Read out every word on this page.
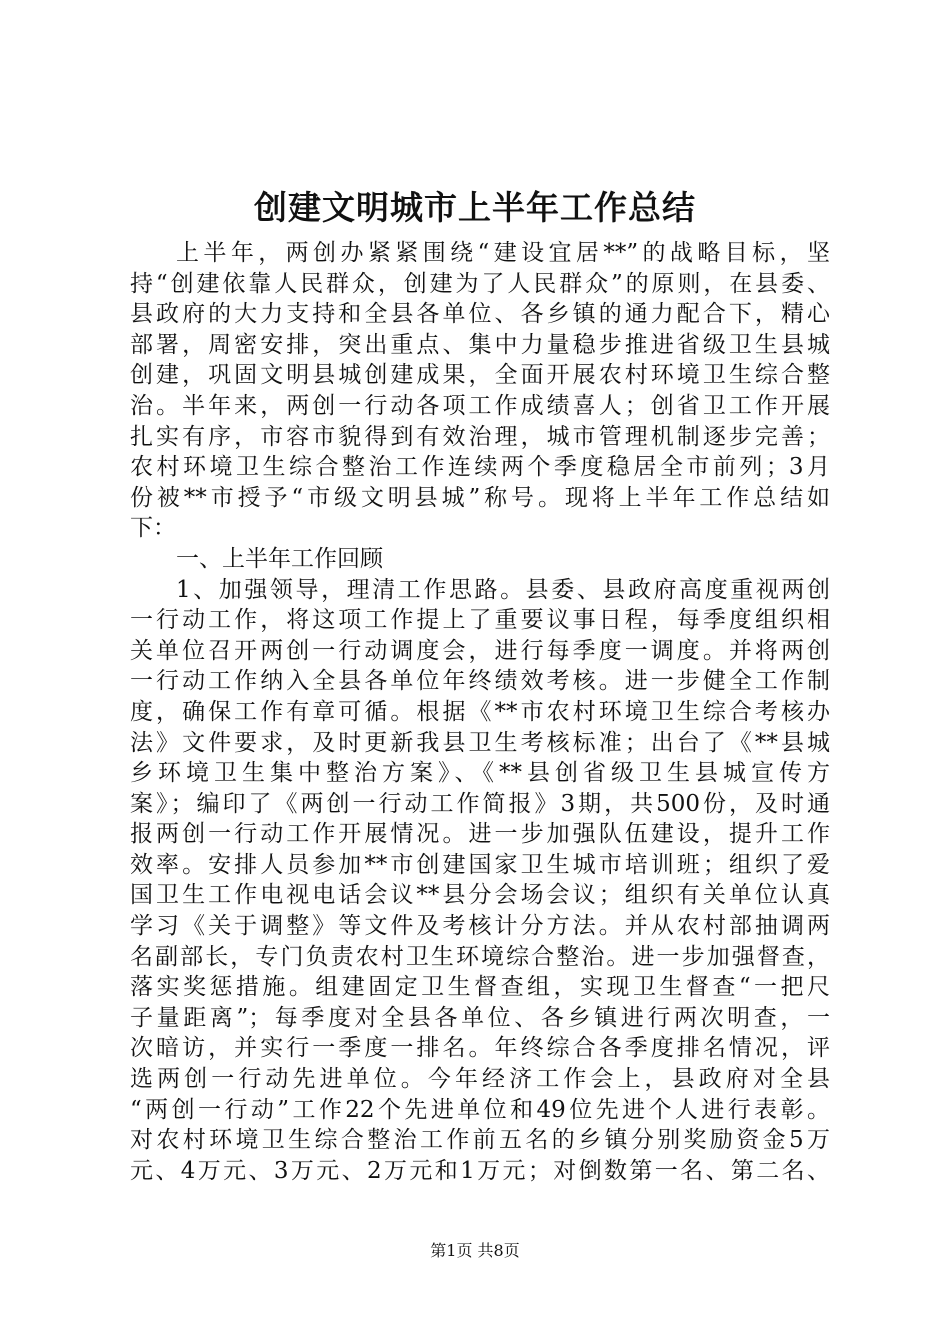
创建文明城市上半年工作总结
上半年，两创办紧紧围绕“建设宜居**”的战略目标，坚
持“创建依靠人民群众，创建为了人民群众”的原则，在县委、
县政府的大力支持和全县各单位、各乡镇的通力配合下，精心
部署，周密安排，突出重点、集中力量稳步推进省级卫生县城
创建，巩固文明县城创建成果，全面开展农村环境卫生综合整
治。半年来，两创一行动各项工作成绩喜人；创省卫工作开展
扎实有序，市容市貌得到有效治理，城市管理机制逐步完善；
农村环境卫生综合整治工作连续两个季度稳居全市前列；3月
份被**市授予“市级文明县城”称号。现将上半年工作总结如
下：
一、上半年工作回顾
1、加强领导，理清工作思路。县委、县政府高度重视两创
一行动工作，将这项工作提上了重要议事日程，每季度组织相
关单位召开两创一行动调度会，进行每季度一调度。并将两创
一行动工作纳入全县各单位年终绩效考核。进一步健全工作制
度，确保工作有章可循。根据《**市农村环境卫生综合考核办
法》文件要求，及时更新我县卫生考核标准；出台了《**县城
乡环境卫生集中整治方案》、《**县创省级卫生县城宣传方
案》；编印了《两创一行动工作简报》3期，共500份，及时通
报两创一行动工作开展情况。进一步加强队伍建设，提升工作
效率。安排人员参加**市创建国家卫生城市培训班；组织了爱
国卫生工作电视电话会议**县分会场会议；组织有关单位认真
学习《关于调整》等文件及考核计分方法。并从农村部抽调两
名副部长，专门负责农村卫生环境综合整治。进一步加强督查，
落实奖惩措施。组建固定卫生督查组，实现卫生督查“一把尺
子量距离”；每季度对全县各单位、各乡镇进行两次明查，一
次暗访，并实行一季度一排名。年终综合各季度排名情况，评
选两创一行动先进单位。今年经济工作会上，县政府对全县
“两创一行动”工作22个先进单位和49位先进个人进行表彰。
对农村环境卫生综合整治工作前五名的乡镇分别奖励资金5万
元、4万元、3万元、2万元和1万元；对倒数第一名、第二名、
第1页 共8页
